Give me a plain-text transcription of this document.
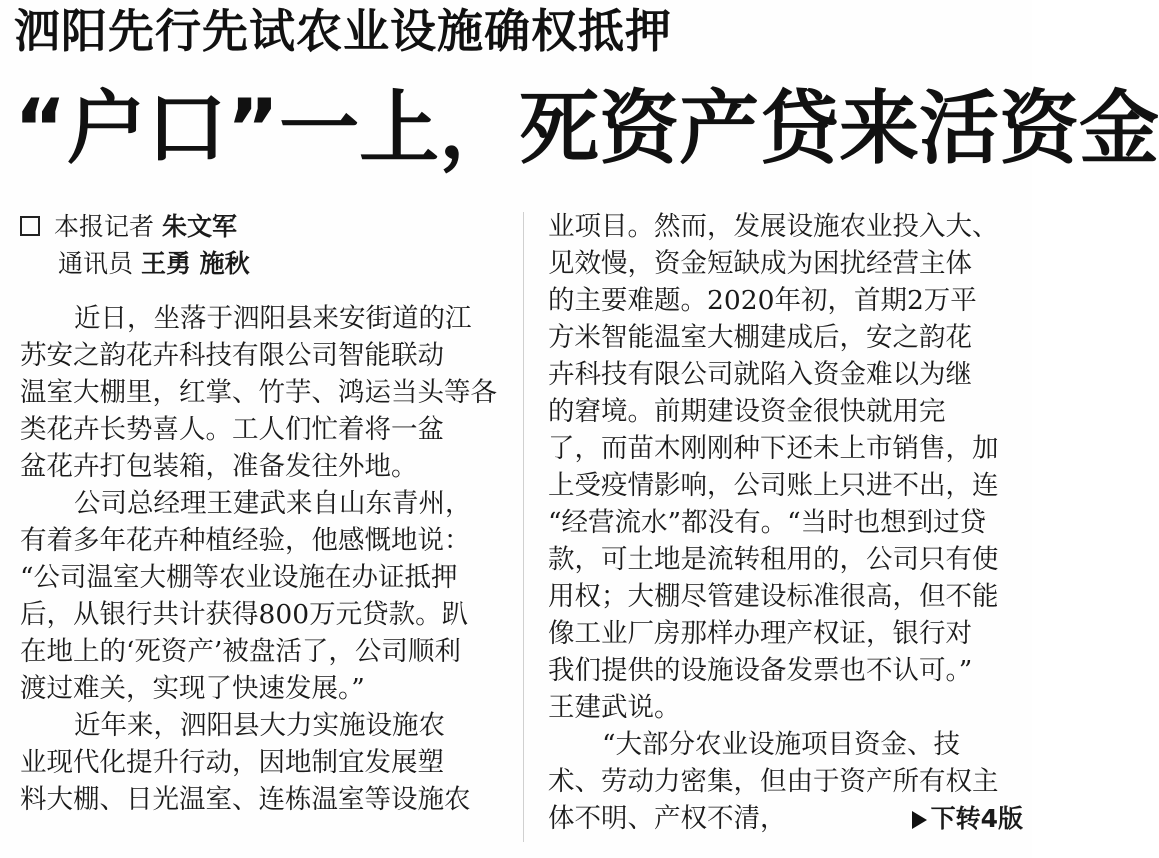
泗阳先行先试农业设施确权抵押
“户口”一上，死资产贷来活资金
本报记者 朱文军
通讯员 王勇 施秋
近日，坐落于泗阳县来安街道的江
苏安之韵花卉科技有限公司智能联动
温室大棚里，红掌、竹芋、鸿运当头等各
类花卉长势喜人。工人们忙着将一盆
盆花卉打包装箱，准备发往外地。
公司总经理王建武来自山东青州，
有着多年花卉种植经验，他感慨地说：
“公司温室大棚等农业设施在办证抵押
后，从银行共计获得800万元贷款。趴
在地上的‘死资产’被盘活了，公司顺利
渡过难关，实现了快速发展。”
近年来，泗阳县大力实施设施农
业现代化提升行动，因地制宜发展塑
料大棚、日光温室、连栋温室等设施农
业项目。然而，发展设施农业投入大、
见效慢，资金短缺成为困扰经营主体
的主要难题。2020年初，首期2万平
方米智能温室大棚建成后，安之韵花
卉科技有限公司就陷入资金难以为继
的窘境。前期建设资金很快就用完
了，而苗木刚刚种下还未上市销售，加
上受疫情影响，公司账上只进不出，连
“经营流水”都没有。“当时也想到过贷
款，可土地是流转租用的，公司只有使
用权；大棚尽管建设标准很高，但不能
像工业厂房那样办理产权证，银行对
我们提供的设施设备发票也不认可。”
王建武说。
“大部分农业设施项目资金、技
术、劳动力密集，但由于资产所有权主
体不明、产权不清，	下转4版
